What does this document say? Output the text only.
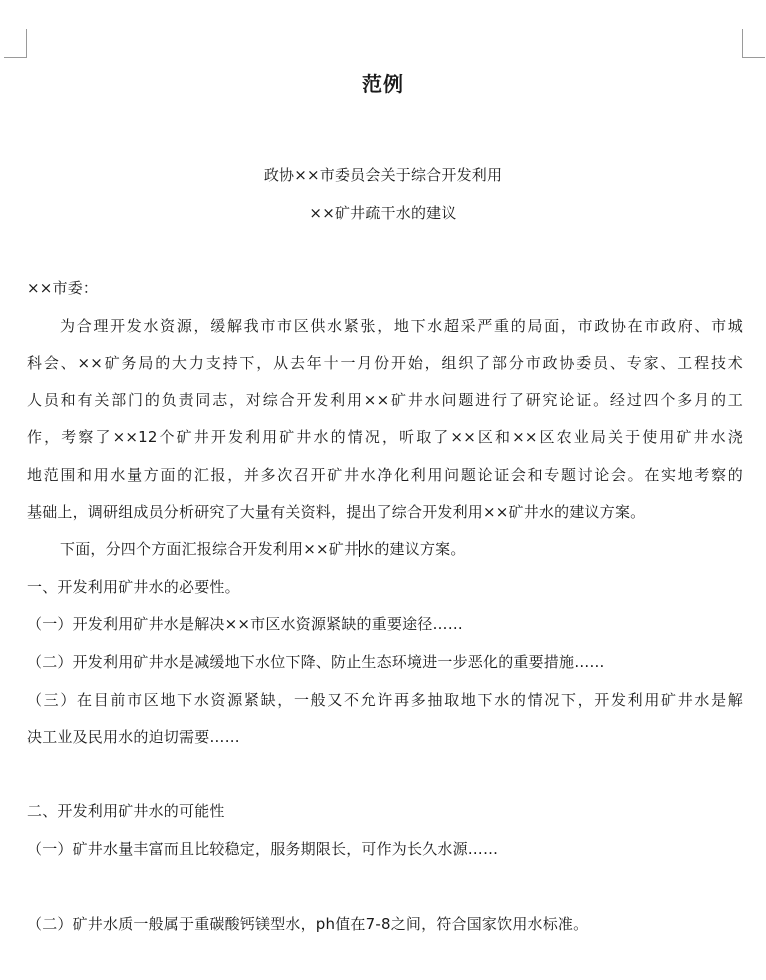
范例
政协××市委员会关于综合开发利用
××矿井疏干水的建议
××市委：
为合理开发水资源，缓解我市市区供水紧张，地下水超采严重的局面，市政协在市政府、市城
科会、××矿务局的大力支持下，从去年十一月份开始，组织了部分市政协委员、专家、工程技术
人员和有关部门的负责同志，对综合开发利用××矿井水问题进行了研究论证。经过四个多月的工
作，考察了××12个矿井开发利用矿井水的情况，听取了××区和××区农业局关于使用矿井水浇
地范围和用水量方面的汇报，并多次召开矿井水净化利用问题论证会和专题讨论会。在实地考察的
基础上，调研组成员分析研究了大量有关资料，提出了综合开发利用××矿井水的建议方案。
下面，分四个方面汇报综合开发利用××矿井水的建议方案。
一、开发利用矿井水的必要性。
（一）开发利用矿井水是解决××市区水资源紧缺的重要途径……
（二）开发利用矿井水是减缓地下水位下降、防止生态环境进一步恶化的重要措施……
（三）在目前市区地下水资源紧缺，一般又不允许再多抽取地下水的情况下，开发利用矿井水是解
决工业及民用水的迫切需要……
二、开发利用矿井水的可能性
（一）矿井水量丰富而且比较稳定，服务期限长，可作为长久水源……
（二）矿井水质一般属于重碳酸钙镁型水，ph值在7-8之间，符合国家饮用水标准。
